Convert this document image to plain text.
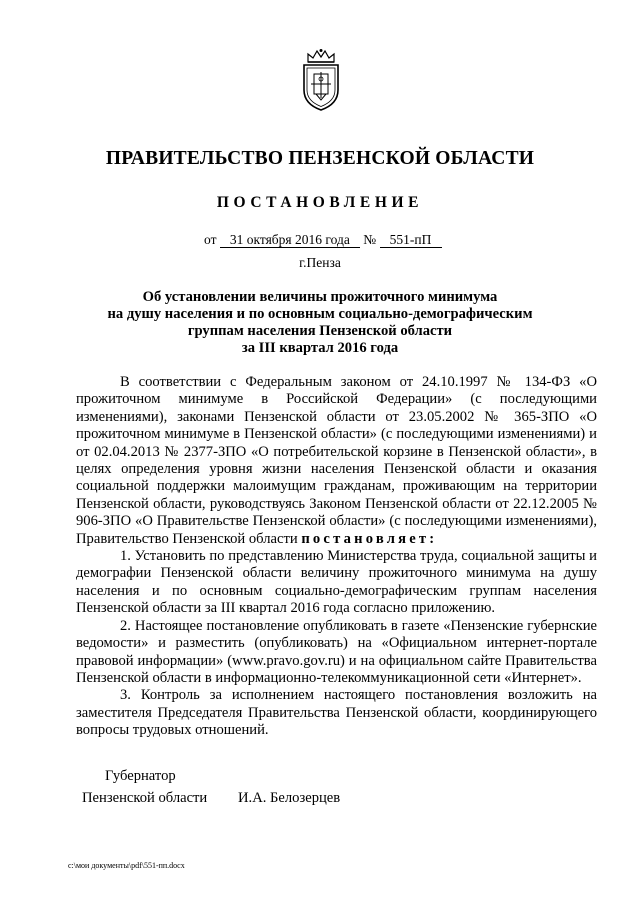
ПРАВИТЕЛЬСТВО ПЕНЗЕНСКОЙ ОБЛАСТИ
ПОСТАНОВЛЕНИЕ
от 31 октября 2016 года № 551-пП
г.Пенза
Об установлении величины прожиточного минимума
на душу населения и по основным социально-демографическим
группам населения Пензенской области
за III квартал 2016 года

В соответствии с Федеральным законом от 24.10.1997 № 134-ФЗ «О прожиточном минимуме в Российской Федерации» (с последующими изменениями), законами Пензенской области от 23.05.2002 № 365-ЗПО «О прожиточном минимуме в Пензенской области» (с последующими изменениями) и от 02.04.2013 № 2377-ЗПО «О потребительской корзине в Пензенской области», в целях определения уровня жизни населения Пензенской области и оказания социальной поддержки малоимущим гражданам, проживающим на территории Пензенской области, руководствуясь Законом Пензенской области от 22.12.2005 № 906-ЗПО «О Правительстве Пензенской области» (с последующими изменениями), Правительство Пензенской области постановляет:

1. Установить по представлению Министерства труда, социальной защиты и демографии Пензенской области величину прожиточного минимума на душу населения и по основным социально-демографическим группам населения Пензенской области за III квартал 2016 года согласно приложению.

2. Настоящее постановление опубликовать в газете «Пензенские губернские ведомости» и разместить (опубликовать) на «Официальном интернет-портале правовой информации» (www.pravo.gov.ru) и на официальном сайте Правительства Пензенской области в информационно-телекоммуникационной сети «Интернет».

3. Контроль за исполнением настоящего постановления возложить на заместителя Председателя Правительства Пензенской области, координирующего вопросы трудовых отношений.

Губернатор
Пензенской области И.А. Белозерцев
c:\мои документы\pdf\551-пп.docx
